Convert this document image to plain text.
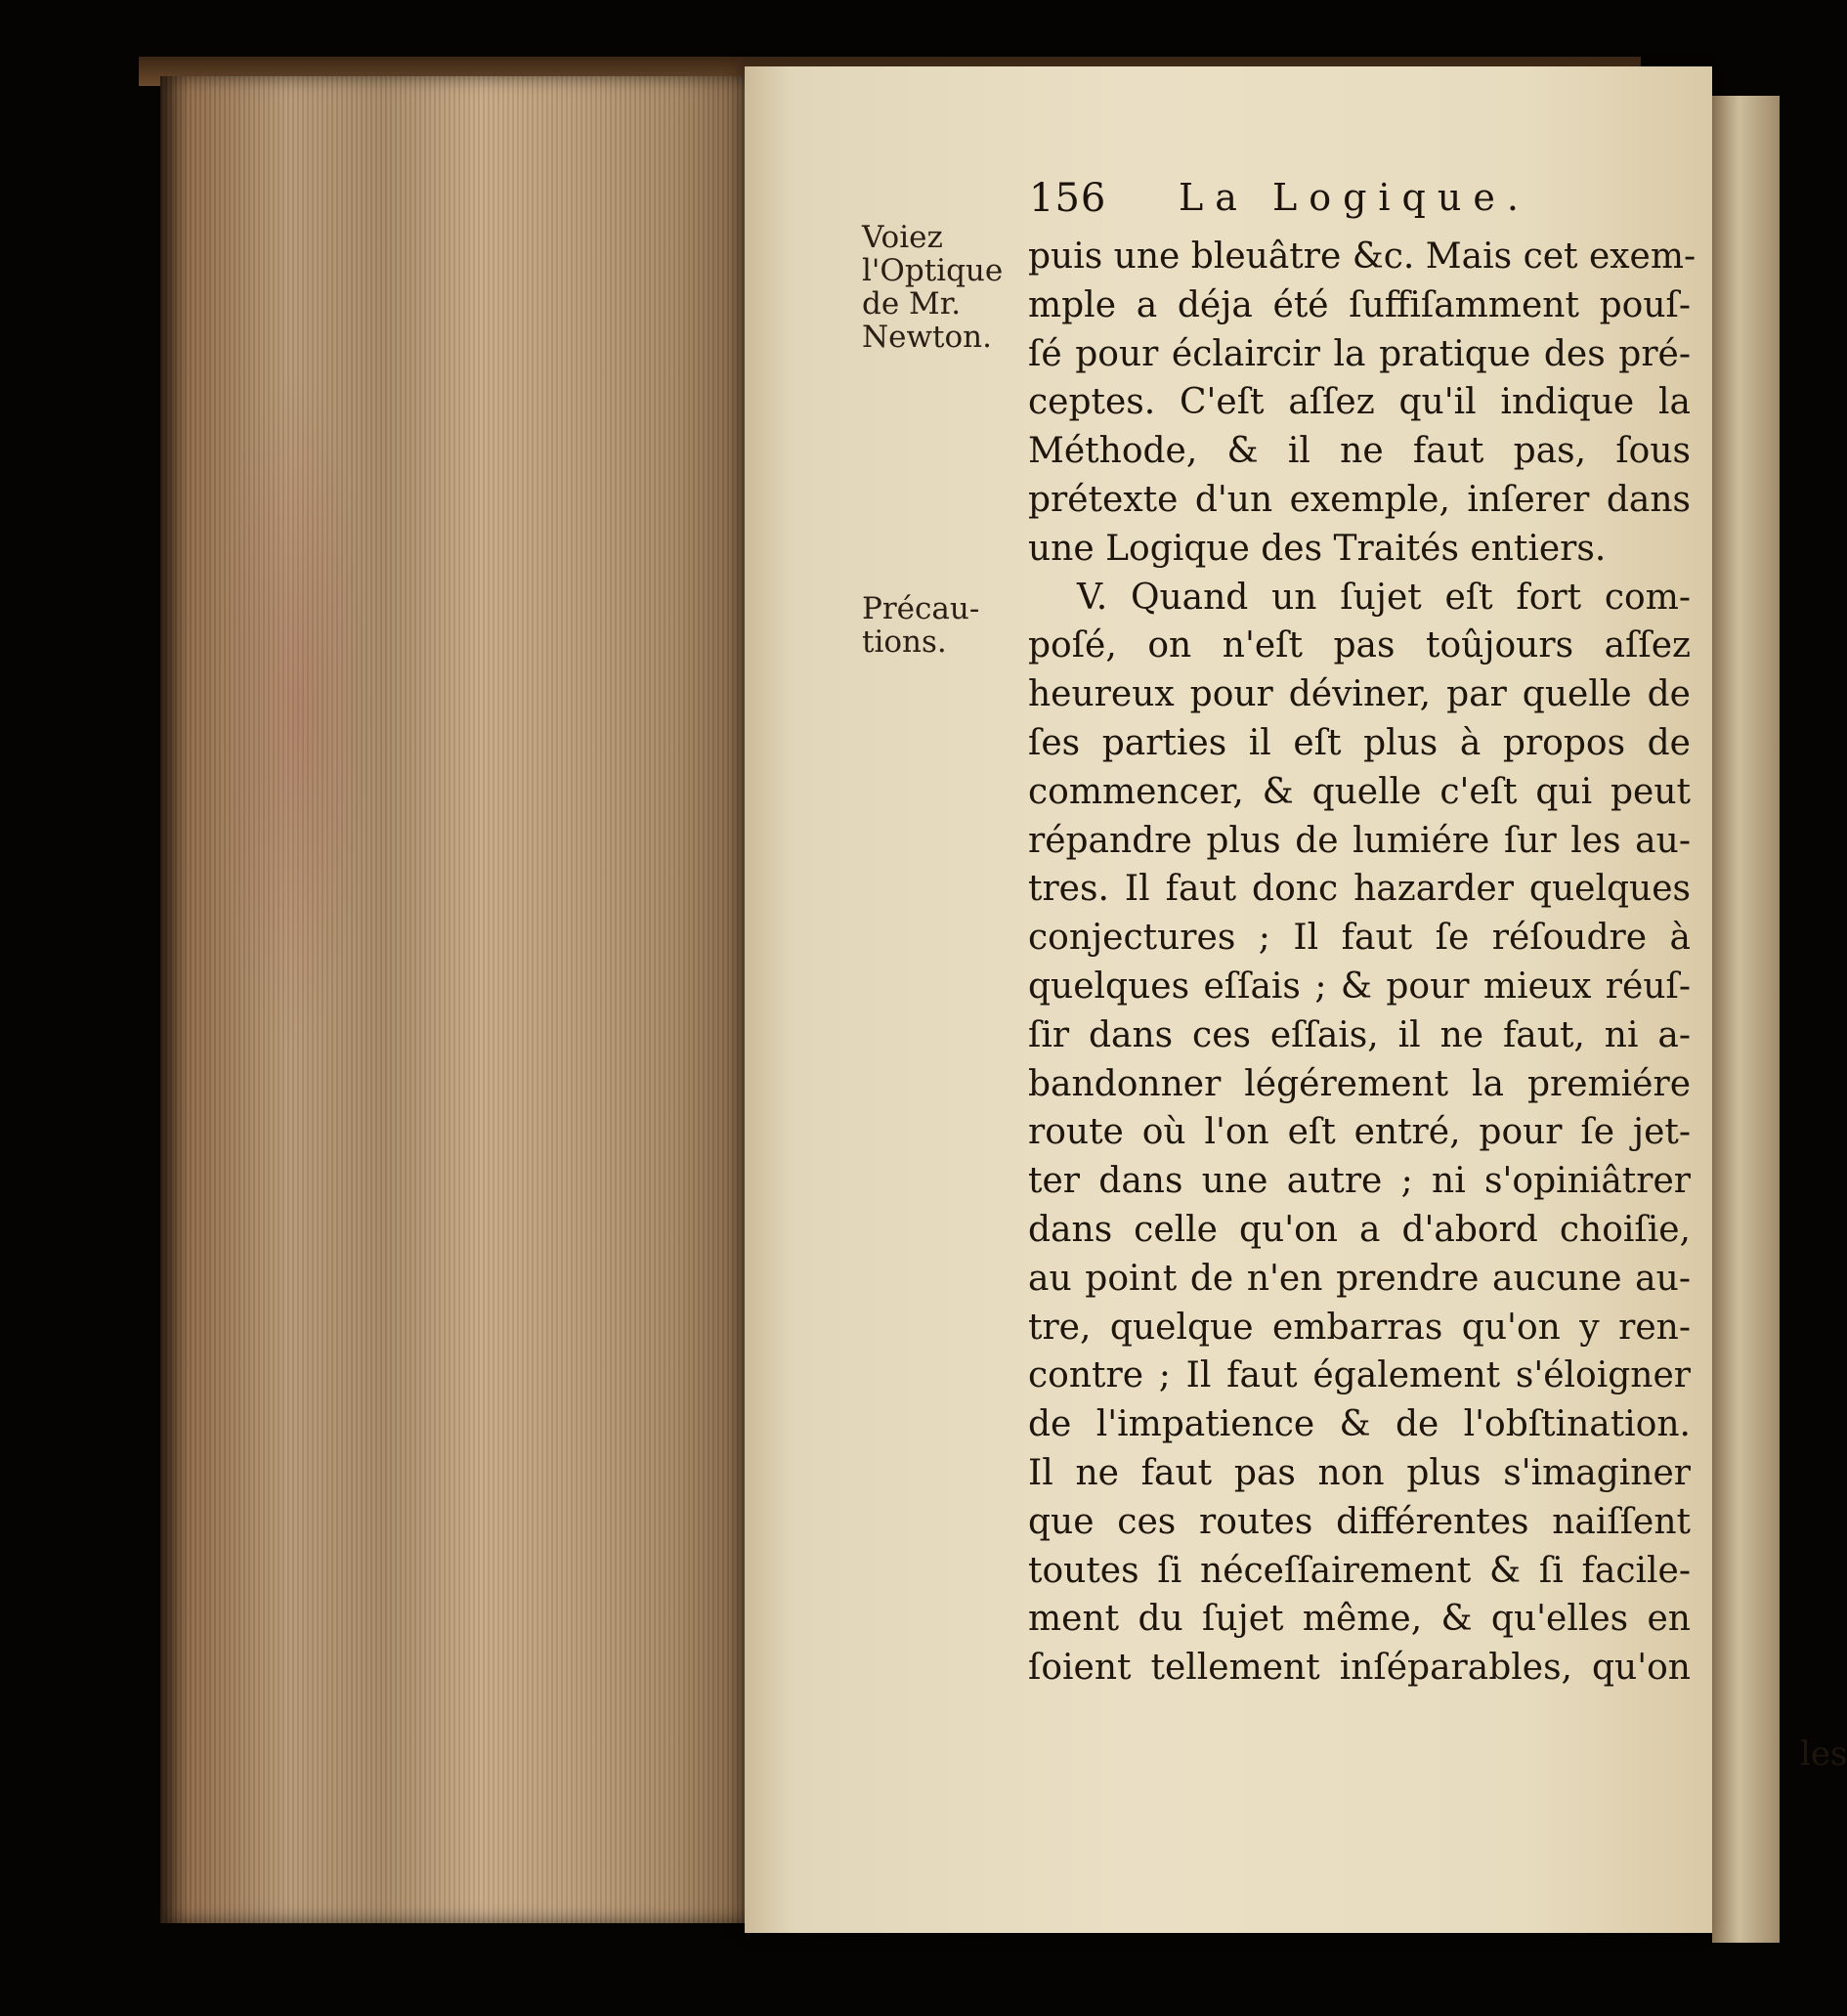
156 La Logique.
Voiez
l'Optique
de Mr.
Newton.
Précau-
tions.
puis une bleuâtre &c. Mais cet exem-
mple a déja été ſuffiſamment pouſ-
ſé pour éclaircir la pratique des pré-
ceptes. C'eſt aſſez qu'il indique la
Méthode, & il ne faut pas, ſous
prétexte d'un exemple, inſerer dans
une Logique des Traités entiers.
V. Quand un ſujet eſt fort com-
poſé, on n'eſt pas toûjours aſſez
heureux pour déviner, par quelle de
ſes parties il eſt plus à propos de
commencer, & quelle c'eſt qui peut
répandre plus de lumiére ſur les au-
tres. Il faut donc hazarder quelques
conjectures ; Il faut ſe réſoudre à
quelques eſſais ; & pour mieux réuſ-
ſir dans ces eſſais, il ne faut, ni a-
bandonner légérement la premiére
route où l'on eſt entré, pour ſe jet-
ter dans une autre ; ni s'opiniâtrer
dans celle qu'on a d'abord choiſie,
au point de n'en prendre aucune au-
tre, quelque embarras qu'on y ren-
contre ; Il faut également s'éloigner
de l'impatience & de l'obſtination.
Il ne faut pas non plus s'imaginer
que ces routes différentes naiſſent
toutes ſi néceſſairement & ſi facile-
ment du ſujet même, & qu'elles en
ſoient tellement inſéparables, qu'on
les
